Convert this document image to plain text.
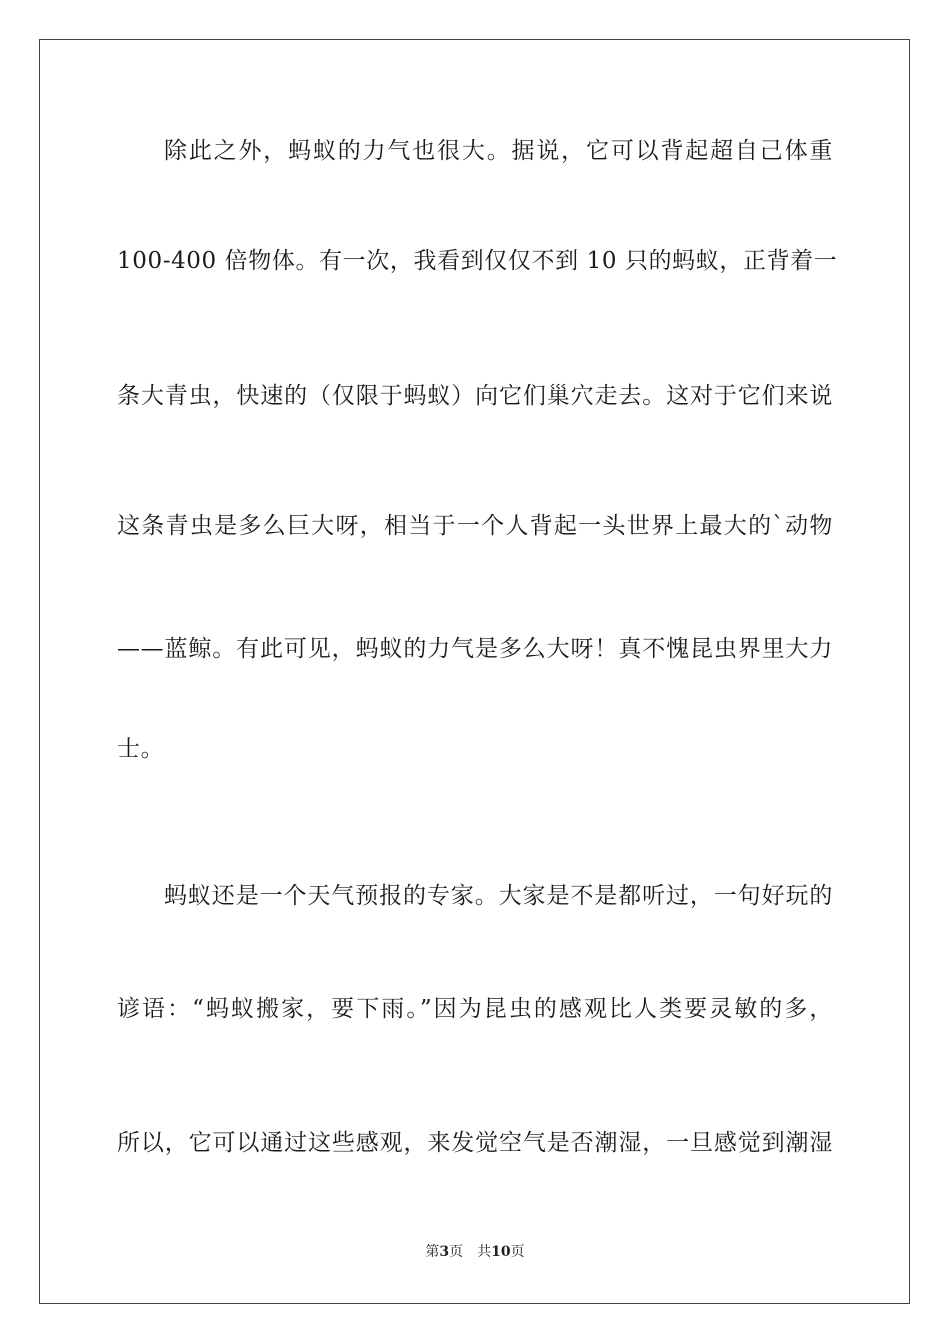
除此之外，蚂蚁的力气也很大。据说，它可以背起超自己体重
100-400 倍物体。有一次，我看到仅仅不到 10 只的蚂蚁，正背着一
条大青虫，快速的（仅限于蚂蚁）向它们巢穴走去。这对于它们来说
这条青虫是多么巨大呀，相当于一个人背起一头世界上最大的`动物
——蓝鲸。有此可见，蚂蚁的力气是多么大呀！真不愧昆虫界里大力
士。
蚂蚁还是一个天气预报的专家。大家是不是都听过，一句好玩的
谚语：“蚂蚁搬家，要下雨。”因为昆虫的感观比人类要灵敏的多，
所以，它可以通过这些感观，来发觉空气是否潮湿，一旦感觉到潮湿
第3页 共10页
